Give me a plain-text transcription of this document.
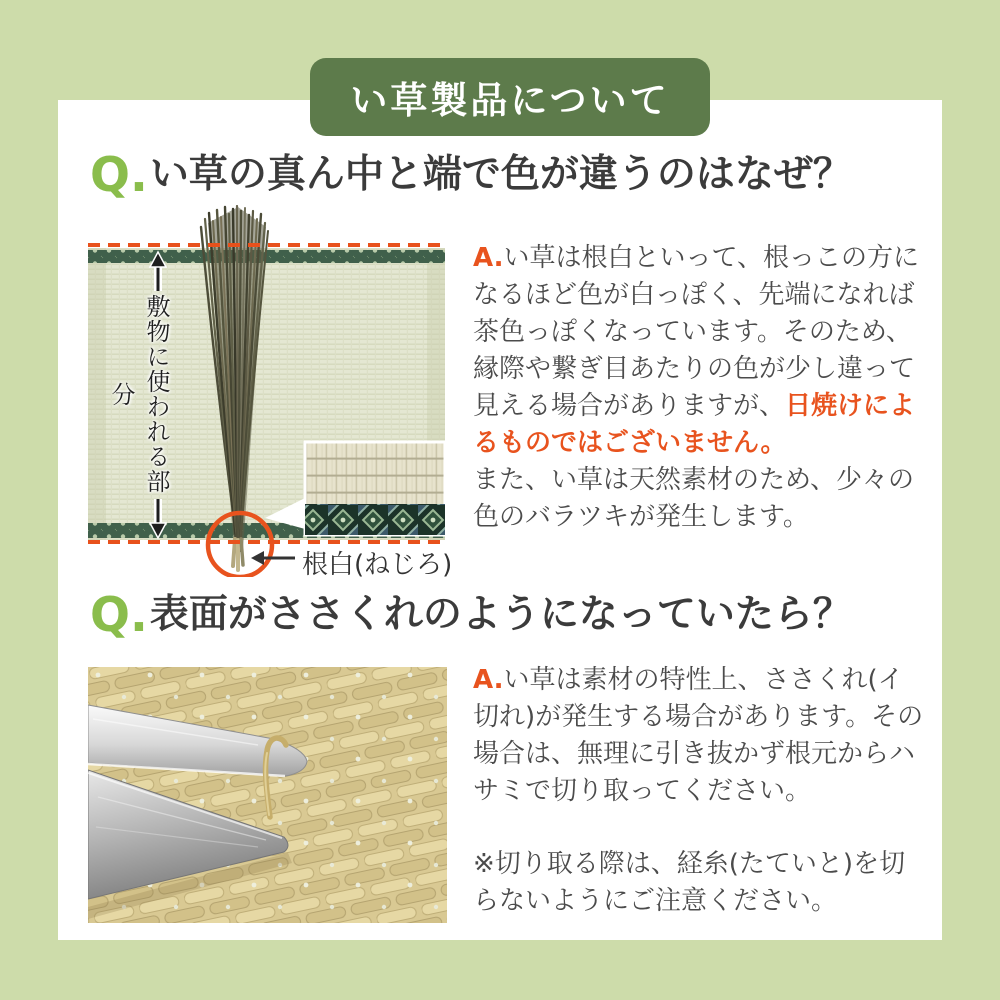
い草製品について
Q. い草の真ん中と端で色が違うのはなぜ？
敷物に使われる部分
根白(ねじろ)

A.い草は根白といって、根っこの方になるほど色が白っぽく、先端になれば茶色っぽくなっています。そのため、縁際や繋ぎ目あたりの色が少し違って見える場合がありますが、日焼けによるものではございません。

また、い草は天然素材のため、少々の色のバラツキが発生します。

Q. 表面がささくれのようになっていたら？

A.い草は素材の特性上、ささくれ(イ切れ)が発生する場合があります。その場合は、無理に引き抜かず根元からハサミで切り取ってください。

※切り取る際は、経糸(たていと)を切らないようにご注意ください。
